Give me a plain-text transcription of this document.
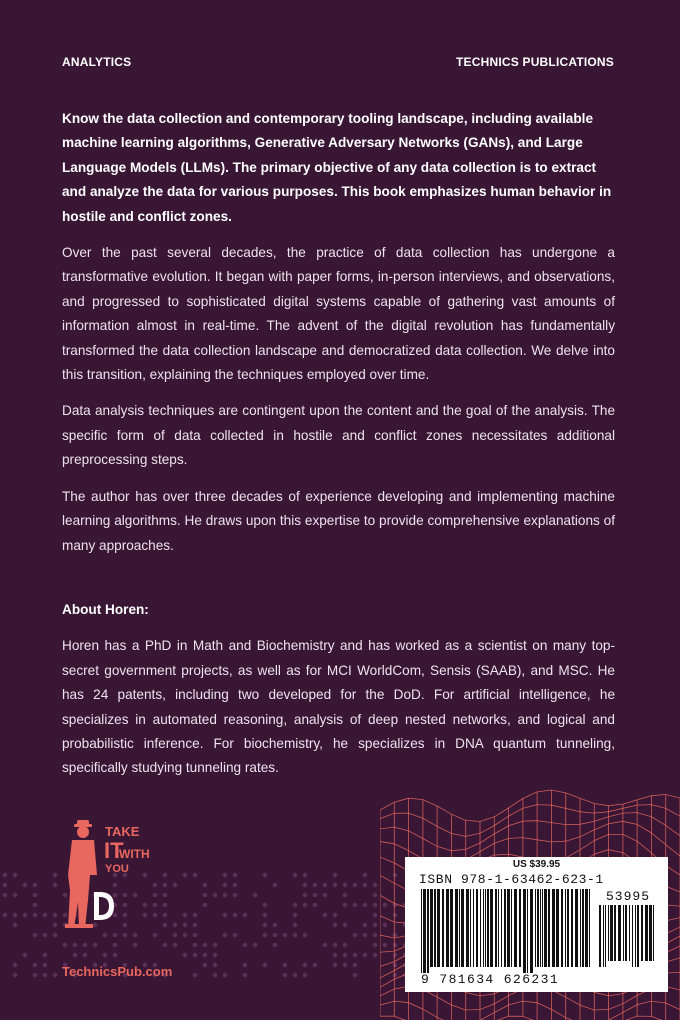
ANALYTICS	TECHNICS PUBLICATIONS

Know the data collection and contemporary tooling landscape, including available machine learning algorithms, Generative Adversary Networks (GANs), and Large Language Models (LLMs). The primary objective of any data collection is to extract and analyze the data for various purposes. This book emphasizes human behavior in hostile and conflict zones.

Over the past several decades, the practice of data collection has undergone a transformative evolution. It began with paper forms, in-person interviews, and observations, and progressed to sophisticated digital systems capable of gathering vast amounts of information almost in real-time. The advent of the digital revolution has fundamentally transformed the data collection landscape and democratized data collection. We delve into this transition, explaining the techniques employed over time.

Data analysis techniques are contingent upon the content and the goal of the analysis. The specific form of data collected in hostile and conflict zones necessitates additional preprocessing steps.

The author has over three decades of experience developing and implementing machine learning algorithms. He draws upon this expertise to provide comprehensive explanations of many approaches.

About Horen:

Horen has a PhD in Math and Biochemistry and has worked as a scientist on many top-secret government projects, as well as for MCI WorldCom, Sensis (SAAB), and MSC. He has 24 patents, including two developed for the DoD. For artificial intelligence, he specializes in automated reasoning, analysis of deep nested networks, and logical and probabilistic inference. For biochemistry, he specializes in DNA quantum tunneling, specifically studying tunneling rates.

TAKE
IT
WITH
YOU
TechnicsPub.com
US $39.95
ISBN 978-1-63462-623-1
53995
9 781634 626231
